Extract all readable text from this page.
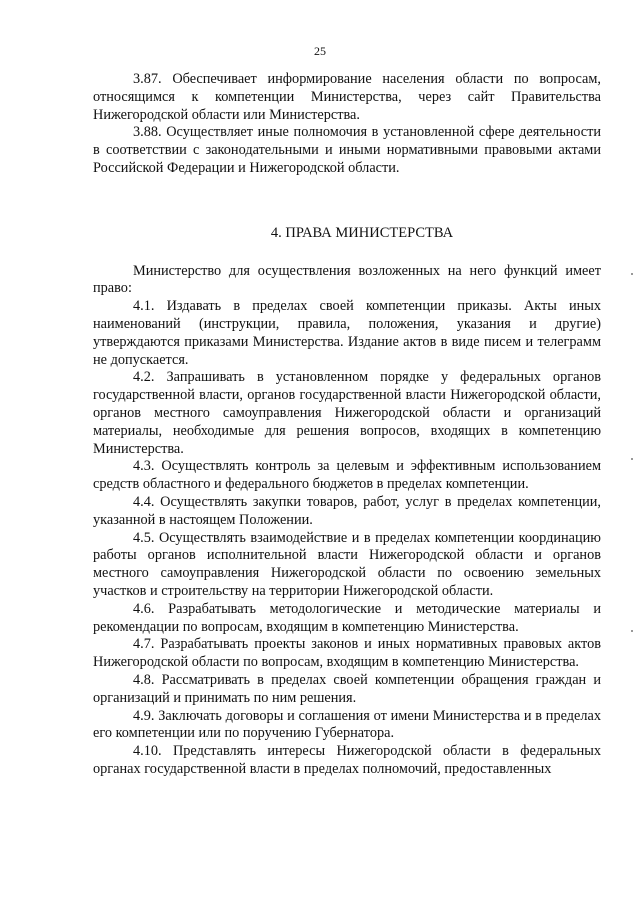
25

3.87. Обеспечивает информирование населения области по вопросам, относящимся к компетенции Министерства, через сайт Правительства Нижегородской области или Министерства.

3.88. Осуществляет иные полномочия в установленной сфере деятельности в соответствии с законодательными и иными нормативными правовыми актами Российской Федерации и Нижегородской области.

4. ПРАВА МИНИСТЕРСТВА

Министерство для осуществления возложенных на него функций имеет право:

4.1. Издавать в пределах своей компетенции приказы. Акты иных наименований (инструкции, правила, положения, указания и другие) утверждаются приказами Министерства. Издание актов в виде писем и телеграмм не допускается.

4.2. Запрашивать в установленном порядке у федеральных органов государственной власти, органов государственной власти Нижегородской области, органов местного самоуправления Нижегородской области и организаций материалы, необходимые для решения вопросов, входящих в компетенцию Министерства.

4.3. Осуществлять контроль за целевым и эффективным использованием средств областного и федерального бюджетов в пределах компетенции.

4.4. Осуществлять закупки товаров, работ, услуг в пределах компетенции, указанной в настоящем Положении.

4.5. Осуществлять взаимодействие и в пределах компетенции координацию работы органов исполнительной власти Нижегородской области и органов местного самоуправления Нижегородской области по освоению земельных участков и строительству на территории Нижегородской области.

4.6. Разрабатывать методологические и методические материалы и рекомендации по вопросам, входящим в компетенцию Министерства.

4.7. Разрабатывать проекты законов и иных нормативных правовых актов Нижегородской области по вопросам, входящим в компетенцию Министерства.

4.8. Рассматривать в пределах своей компетенции обращения граждан и организаций и принимать по ним решения.

4.9. Заключать договоры и соглашения от имени Министерства и в пределах его компетенции или по поручению Губернатора.

4.10. Представлять интересы Нижегородской области в федеральных органах государственной власти в пределах полномочий, предоставленных
